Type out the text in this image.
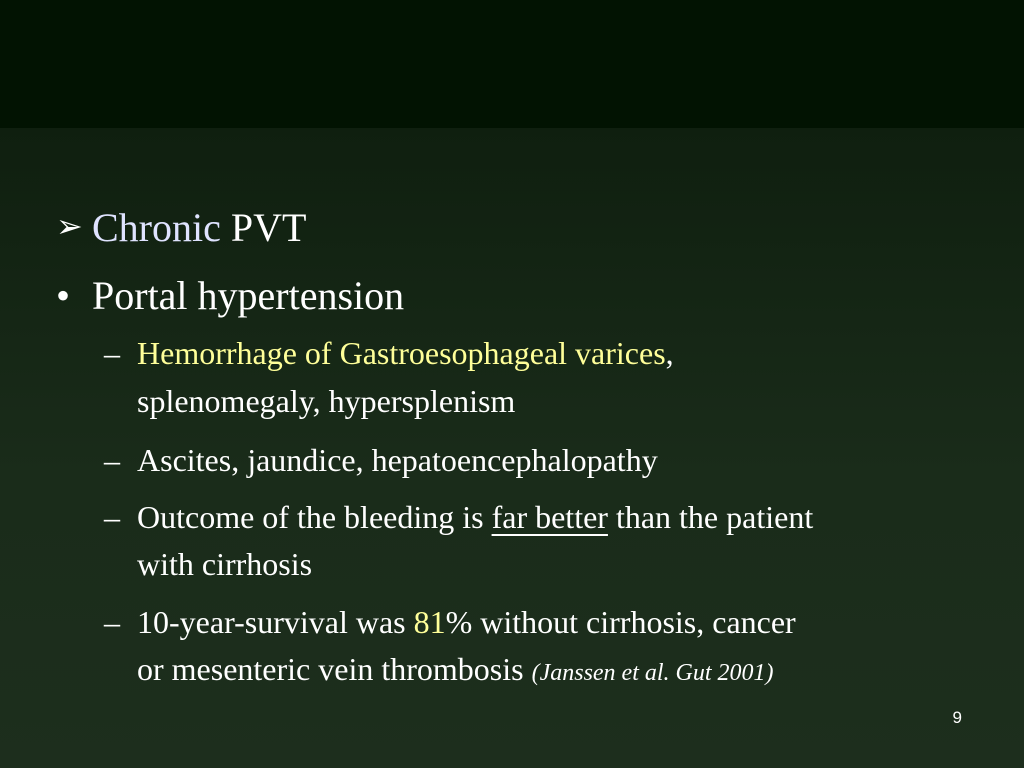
➢ Chronic PVT
• Portal hypertension
– Hemorrhage of Gastroesophageal varices,
splenomegaly, hypersplenism
– Ascites, jaundice, hepatoencephalopathy
– Outcome of the bleeding is far better than the patient
with cirrhosis
– 10-year-survival was 81% without cirrhosis, cancer
or mesenteric vein thrombosis (Janssen et al. Gut 2001)
9
